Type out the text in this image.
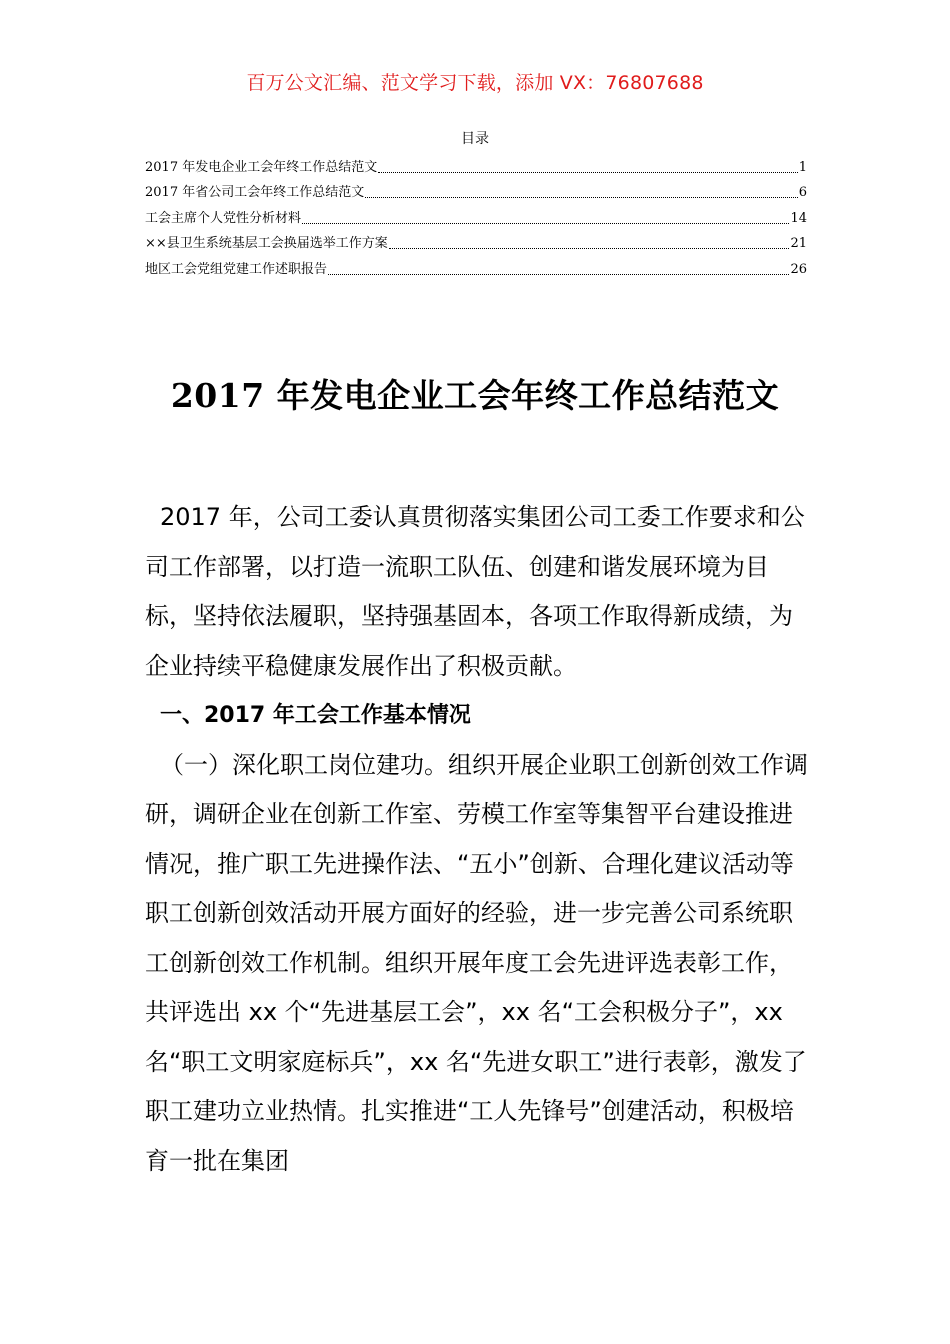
百万公文汇编、范文学习下载，添加 VX：76807688
目录
2017 年发电企业工会年终工作总结范文	1
2017 年省公司工会年终工作总结范文	6
工会主席个人党性分析材料	14
××县卫生系统基层工会换届选举工作方案	21
地区工会党组党建工作述职报告	26
2017 年发电企业工会年终工作总结范文

2017 年，公司工委认真贯彻落实集团公司工委工作要求和公司工作部署，以打造一流职工队伍、创建和谐发展环境为目标，坚持依法履职，坚持强基固本，各项工作取得新成绩，为企业持续平稳健康发展作出了积极贡献。

一、2017 年工会工作基本情况

（一）深化职工岗位建功。组织开展企业职工创新创效工作调研，调研企业在创新工作室、劳模工作室等集智平台建设推进情况，推广职工先进操作法、“五小”创新、合理化建议活动等职工创新创效活动开展方面好的经验，进一步完善公司系统职工创新创效工作机制。组织开展年度工会先进评选表彰工作，共评选出 xx 个“先进基层工会”，xx 名“工会积极分子”，xx 名“职工文明家庭标兵”，xx 名“先进女职工”进行表彰，激发了职工建功立业热情。扎实推进“工人先锋号”创建活动，积极培育一批在集团
